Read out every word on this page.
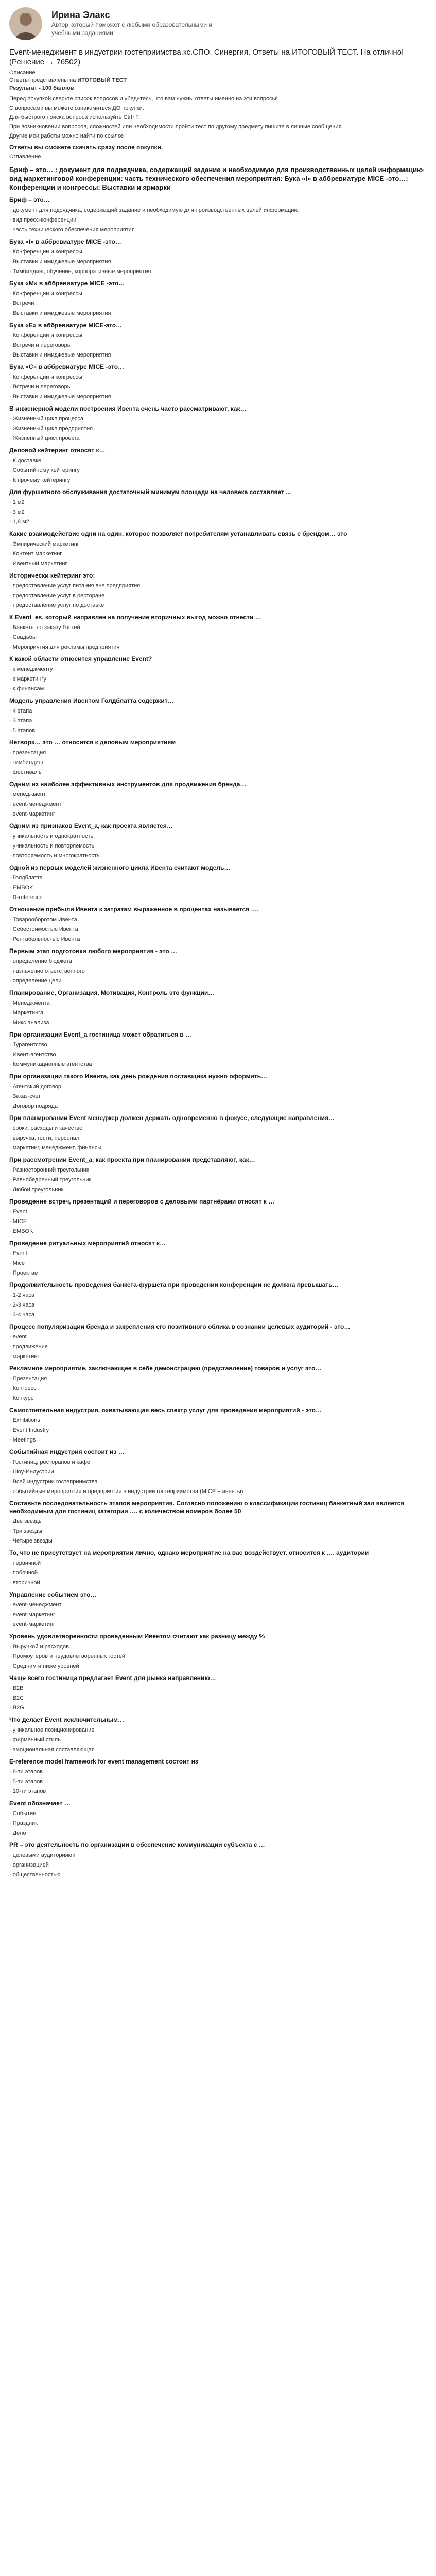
Ирина Элакс
Автор который поможет с любыми образовательными и учебными заданиями
Event-менеджмент в индустрии гостеприимства.кс.СПО. Синергия. Ответы на ИТОГОВЫЙ ТЕСТ. На отлично! (Решение → 76502)
Описание
Ответы представлены на ИТОГОВЫЙ ТЕСТ
Результат - 100 баллов
Перед покупкой сверьте список вопросов и убедитесь, что вам нужны ответы именно на эти вопросы!
С вопросами вы можете ознакомиться ДО покупки.
Для быстрого поиска вопроса используйте Ctrl+F.
При возникновении вопросов, сложностей или необходимости пройти тест по другому предмету пишите в личные сообщения.
Другие мои работы можно найти по ссылке
Ответы вы сможете скачать сразу после покупки.
Оглавление
Бриф – это… : документ для подрядчика, содержащий задание и необходимую для производственных целей информацию· вид маркетинговой конференции: часть технического обеспечения мероприятия: Бука «I» в аббревиатуре MICE -это…: Конференции и конгрессы: Выставки и ярмарки
Бриф – это…
· документ для подрядчика, содержащий задание и необходимую для производственных целей информацию
· вид пресс-конференции
· часть технического обеспечения мероприятия
Бука «I» в аббревиатуре MICE -это…
· Конференции и конгрессы
· Выставки и имиджевые мероприятия
· Тимбилдинг, обучение, корпоративные мероприятия
Бука «М» в аббревиатуре MICE -это…
· Конференции и конгрессы
· Встречи
· Выставки и имиджевые мероприятия
Бука «E» в аббревиатуре MICE-это…
· Конференции и конгрессы
· Встречи и переговоры
· Выставки и имиджевые мероприятия
Бука «C» в аббревиатуре MICE -это…
· Конференции и конгрессы
· Встречи и переговоры
· Выставки и имиджевые мероприятия
В инженерной модели построения Ивента очень часто рассматривают, как…
· Жизненный цикл процесса
· Жизненный цикл предприятия
· Жизненный цикл проекта
Деловой кейтеринг относят к…
· К доставке
· Событийному кейтерингу
· К прочему кейтерингу
Для фуршетного обслуживания достаточный минимум площади на человека составляет ...
· 1 м2
· 3 м2
· 1,8 м2
Какие взаимодействие одни на один, которое позволяет потребителям устанавливать связь с брендом… это
· Эмпирический маркетинг
· Контент маркетинг
· Ивентный маркетинг
Исторически кейтеринг это:
· предоставление услуг питания вне предприятия
· предоставление услуг в ресторане
· предоставление услуг по доставке
К Event_es, который направлен на получение вторичных выгод можно отнести …
· Банкеты по заказу Гостей
· Свадьбы
· Мероприятия для рекламы предприятия
К какой области относится управление Event?
· к менеджменту
· к маркетингу
· к финансам
Модель управления Ивентом Голдблатта содержит…
· 4 этапа
· 3 этапа
· 5 этапов
Нетворк… это … относится к деловым мероприятиям
· презентация
· тимбилдинг
· фестиваль
Одним из наиболее эффективных инструментов для продвижения бренда…
· менеджмент
· event-менеджмент
· event-маркетинг
Одним из признаков Event_a, как проекта является…
· уникальность и однократность
· уникальность и повторяемость
· повторяемость и многократность
Одной из первых моделей жизненного цикла Ивента считают модель…
· Голдблатта
· EMBOK
· R-reference
Отношение прибыли Ивента к затратам выраженное в процентах называется ….
· Товарооборотом Ивента
· Себестоимостью Ивента
· Рентабельностью Ивента
Первым этап подготовки любого мероприятия - это …
· определение бюджета
· назначение ответственного
· определение цели
Планирование, Организация, Мотивация, Контроль это функции…
· Менеджмента
· Маркетинга
· Микс анализа
При организации Event_а гостиница может обратиться в …
· Турагентство
· Ивент-агентство
· Коммуникационные агентства
При организации такого Ивента, как день рождения поставщика нужно оформить…
· Агентский договор
· Заказ-счет
· Договор подряда
При планировании Event менеджер должен держать одновременно в фокусе, следующие направления…
· сроки, расходы и качество
· выручка, гости, персонал
· маркетинг, менеджмент, финансы
При рассмотрении Event_a, как проекта при планировании представляют, как…
· Разносторонний треугольник
· Равнобедренный треугольник
· Любой треугольник
Проведение встреч, презентаций и переговоров с деловыми партнёрами относят к …
· Event
· MICE
· EMBOK
Проведение ритуальных мероприятий относят к…
· Event
· Mice
· Проектам
Продолжительность проведения банкета-фуршета при проведении конференции не должна превышать…
· 1-2 часа
· 2-3 часа
· 3-4 часа
Процесс популяризации бренда и закрепления его позитивного облика в сознании целевых аудиторий - это…
· event
· продвижение
· маркетинг
Рекламное мероприятие, заключающее в себе демонстрацию (представление) товаров и услуг это…
· Презентация
· Конгресс
· Конкурс
Самостоятельная индустрия, охватывающая весь спектр услуг для проведения мероприятий - это…
· Exhibitions
· Event Industry
· Meetings
Событийная индустрия состоит из …
· Гостиниц, ресторанов и кафе
· Шоу-Индустрии
· Всей индустрии гостеприимства
· событийные мероприятия и предприятия в индустрии гостеприимства (MICE + ивенты)
Составьте последовательность этапов мероприятия. Согласно положению о классификации гостиниц банкетный зал является необходимым для гостиниц категории …. с количеством номеров более 50
· Две звезды
· Три звезды
· Четыре звезды
То, что не присутствует на мероприятии лично, однако мероприятие на вас воздействует, относится к …. аудитории
· первичной
· побочной
· вторичной
Управление событием это…
· event-менеджмент
· event-маркетинг
· event-маркетинг
Уровень удовлетворенности проведенным Ивентом считают как разницу между %
· Выручкой и расходов
· Промоутеров и неудовлетворенных гостей
· Средним и ниже уровней
Чаще всего гостиница предлагает Event для рынка направлению…
· B2B
· B2C
· B2G
Что делает Event исключительным…
· уникальное позиционирование
· фирменный стиль
· эмоциональная составляющая
E-reference model framework for event management состоит из
· 8-ти этапов
· 5-ти этапов
· 10-ти этапов
Event обозначает …
· Событие
· Праздник
· Дело
PR – это деятельность по организации в обеспечение коммуникации субъекта с …
· целевыми аудиториями
· организацией
· общественностью
